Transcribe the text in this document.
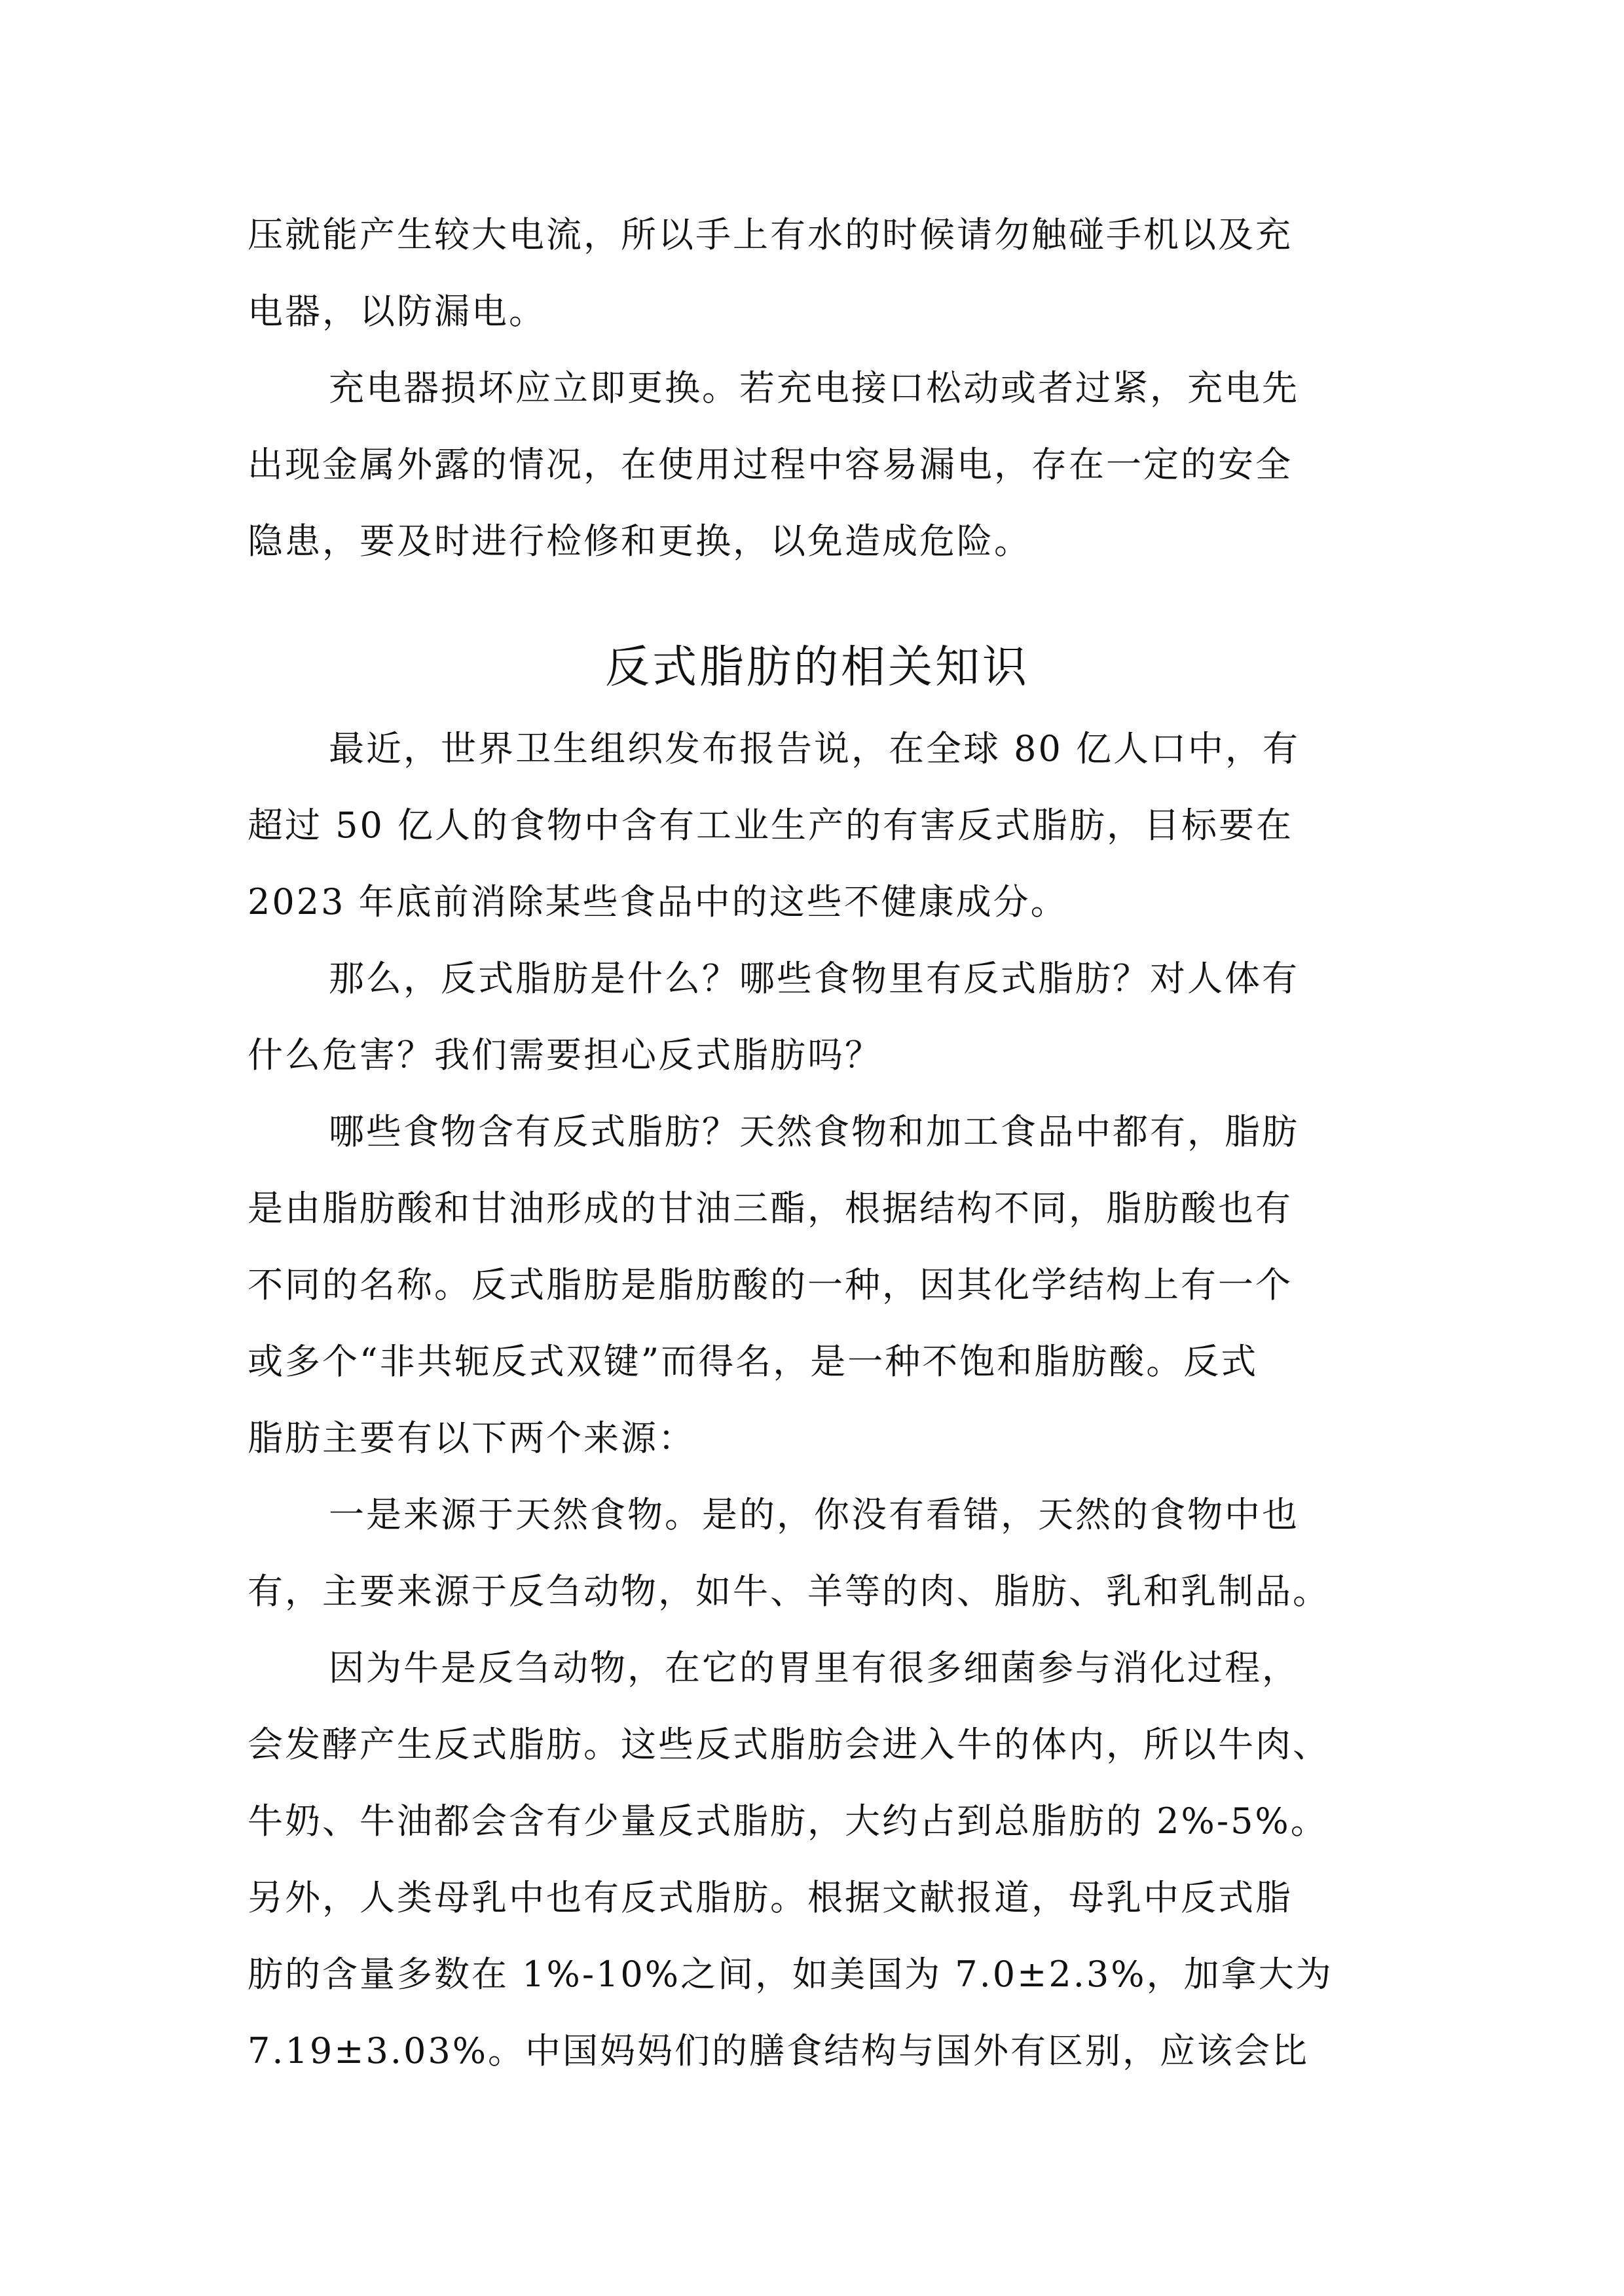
压就能产生较大电流，所以手上有水的时候请勿触碰手机以及充
电器，以防漏电。
充电器损坏应立即更换。若充电接口松动或者过紧，充电先
出现金属外露的情况，在使用过程中容易漏电，存在一定的安全
隐患，要及时进行检修和更换，以免造成危险。
反式脂肪的相关知识
最近，世界卫生组织发布报告说，在全球 80 亿人口中，有
超过 50 亿人的食物中含有工业生产的有害反式脂肪，目标要在
2023 年底前消除某些食品中的这些不健康成分。
那么，反式脂肪是什么？哪些食物里有反式脂肪？对人体有
什么危害？我们需要担心反式脂肪吗？
哪些食物含有反式脂肪？天然食物和加工食品中都有，脂肪
是由脂肪酸和甘油形成的甘油三酯，根据结构不同，脂肪酸也有
不同的名称。反式脂肪是脂肪酸的一种，因其化学结构上有一个
或多个“非共轭反式双键”而得名，是一种不饱和脂肪酸。反式
脂肪主要有以下两个来源：
一是来源于天然食物。是的，你没有看错，天然的食物中也
有，主要来源于反刍动物，如牛、羊等的肉、脂肪、乳和乳制品。
因为牛是反刍动物，在它的胃里有很多细菌参与消化过程，
会发酵产生反式脂肪。这些反式脂肪会进入牛的体内，所以牛肉、
牛奶、牛油都会含有少量反式脂肪，大约占到总脂肪的 2%-5%。
另外，人类母乳中也有反式脂肪。根据文献报道，母乳中反式脂
肪的含量多数在 1%-10%之间，如美国为 7.0±2.3%，加拿大为
7.19±3.03%。中国妈妈们的膳食结构与国外有区别，应该会比
